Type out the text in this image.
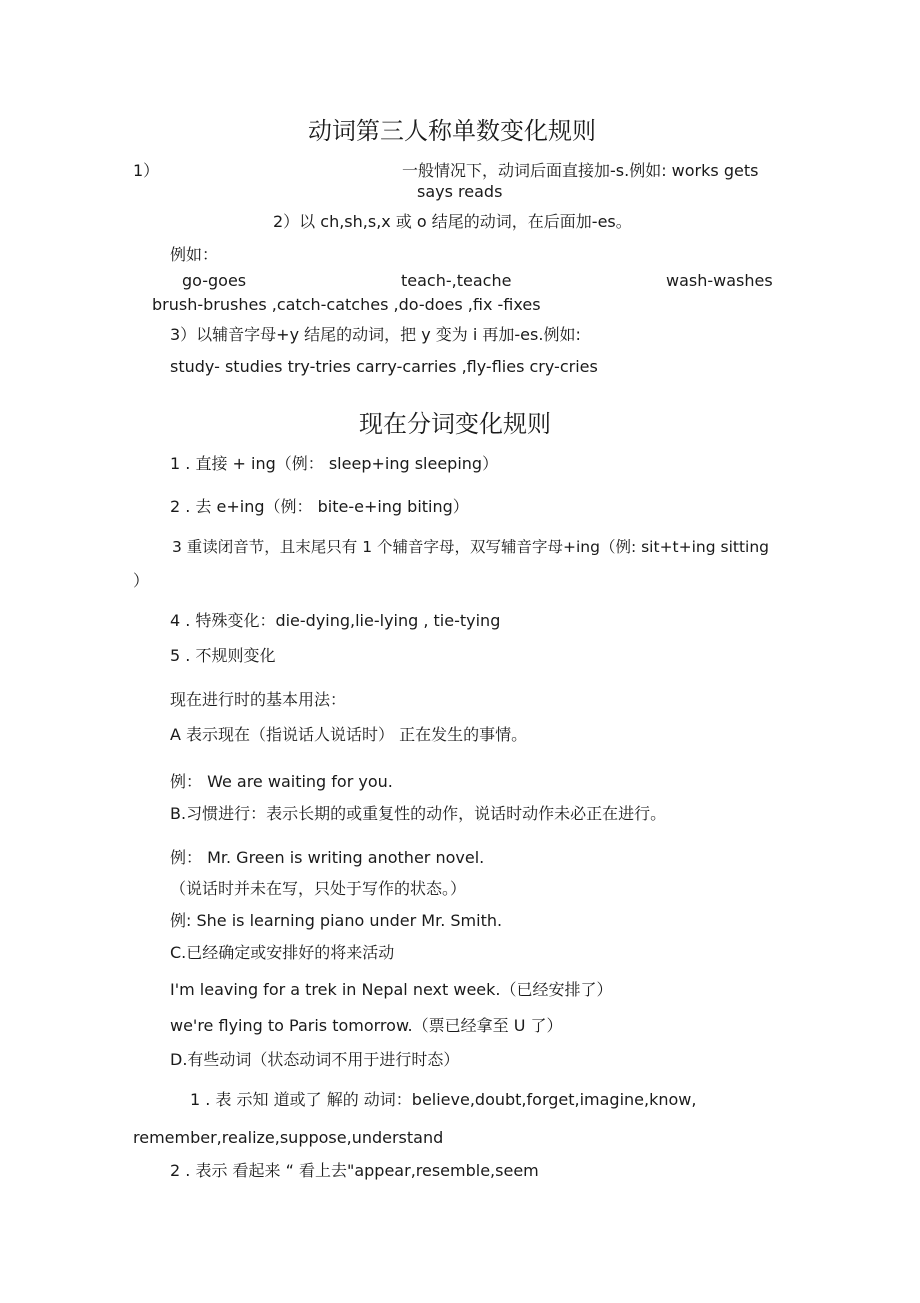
动词第三人称单数变化规则
1）	一般情况下，动词后面直接加-s.例如: works gets
says reads
2）以 ch,sh,s,x 或 o 结尾的动词，在后面加-es。
例如：
go-goes	teach-,teache	wash-washes
brush-brushes ,catch-catches ,do-does ,fix -fixes
3）以辅音字母+y 结尾的动词，把 y 变为 i 再加-es.例如:
study- studies try-tries carry-carries ,fly-flies cry-cries
现在分词变化规则
1 . 直接 + ing（例： sleep+ing sleeping）
2 . 去 e+ing（例： bite-e+ing biting）
3 重读闭音节，且末尾只有 1 个辅音字母，双写辅音字母+ing（例: sit+t+ing sitting
）
4 . 特殊变化：die-dying,lie-lying , tie-tying
5 . 不规则变化
现在进行时的基本用法：
A 表示现在（指说话人说话时） 正在发生的事情。
例： We are waiting for you.
B.习惯进行：表示长期的或重复性的动作，说话时动作未必正在进行。
例： Mr. Green is writing another novel.
（说话时并未在写，只处于写作的状态。）
例: She is learning piano under Mr. Smith.
C.已经确定或安排好的将来活动
I'm leaving for a trek in Nepal next week.（已经安排了）
we're flying to Paris tomorrow.（票已经拿至 U 了）
D.有些动词（状态动词不用于进行时态）
1 . 表 示知 道或了 解的 动词：believe,doubt,forget,imagine,know,
remember,realize,suppose,understand
2 . 表示 看起来 “ 看上去"appear,resemble,seem
